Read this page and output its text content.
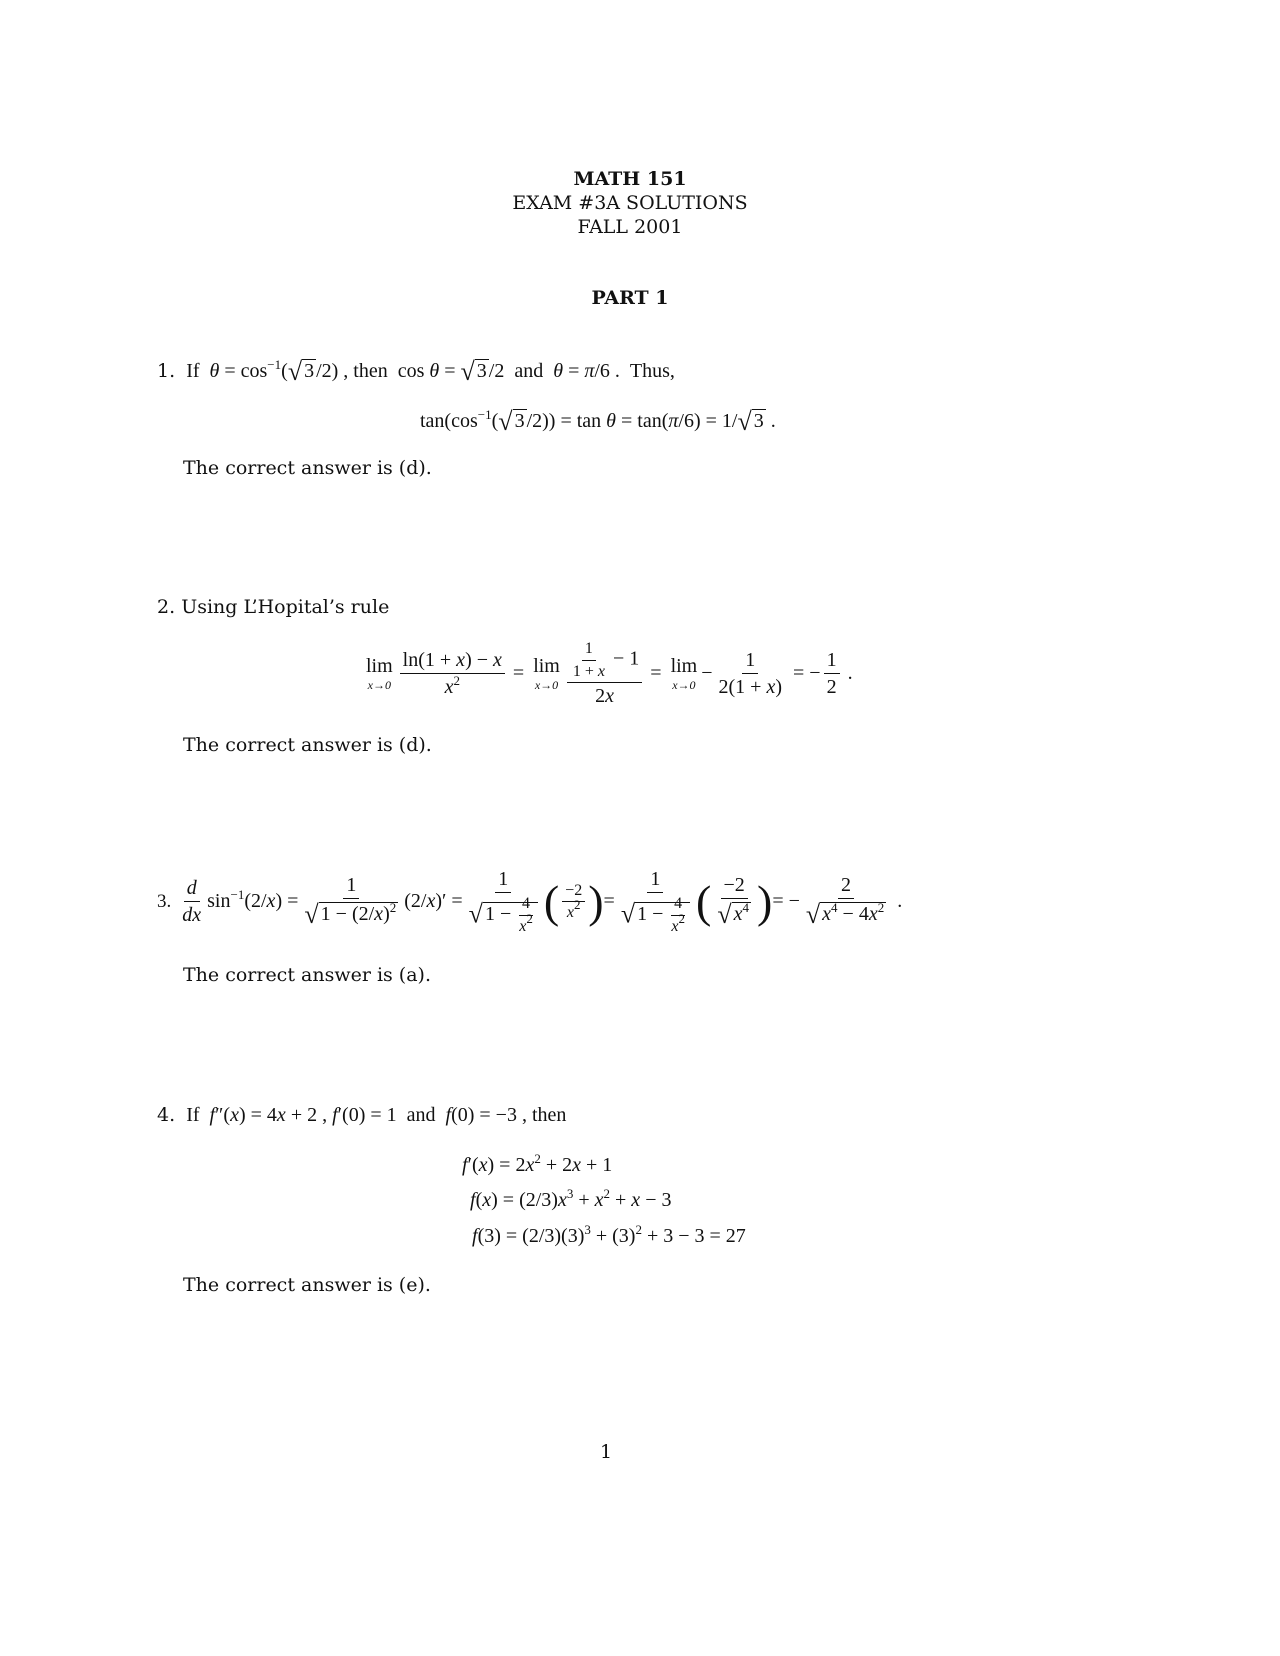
MATH 151
EXAM #3A SOLUTIONS
FALL 2001
PART 1
1.  If  $\theta = \cos^{-1}(√$ 3 /2) , then  cos θ = √ 3 /2  and  θ = π/6 .  Thus,
$\tan(\cos^{-1}(√$ 3 /2)) = tan θ = tan(π/6) = 1/√ 3 .
The correct answer is (d).
2. Using L’Hopital’s rule
lim
$x\to 0 \frac{\ln(1 + x) - x}{x^2} = \lim$
$x\to 0 \frac{\frac{1}{1 + x} - 1}{2x} = \lim$
x→0
− $\frac{1}{2(1 + x)}$ = − $\frac{1}{2}$ .
The correct answer is (d).
3.
$\frac{d}{dx} \sin^{-1}(2/x) = \frac{1}{√ 1 - (2/x)^2} (2/x)' = \frac{1}{√ 1 - \frac{4}{x^2}}$ ( $\frac{-2}{x^2}$ ) = $\frac{1}{√ 1 - \frac{4}{x^2}}$ ( $\frac{-2}{√ x^4}$ ) = − $\frac{2}{√ x^4 - 4x^2}$ .
The correct answer is (a).
4.  If  f″(x) = 4x + 2 , f′(0) = 1  and  f(0) = −3 , then
$f'(x) = 2x^2 + 2x + 1$
$f(x) = (2/3)x^3 + x^2 + x - 3$
$f(3) = (2/3)(3)^3 + (3)^2 + 3 - 3 = 27$
The correct answer is (e).
1
